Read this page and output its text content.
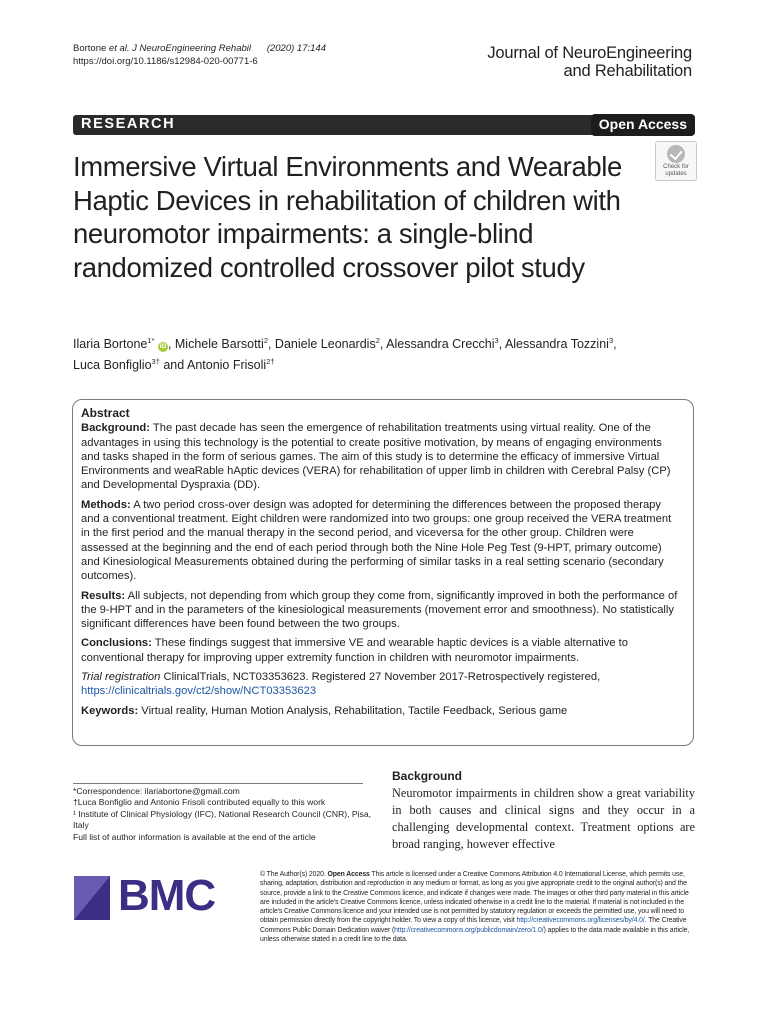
Bortone et al. J NeuroEngineering Rehabil (2020) 17:144
https://doi.org/10.1186/s12984-020-00771-6	Journal of NeuroEngineering
and Rehabilitation
RESEARCH	Open Access
Check for
updates
Immersive Virtual Environments and Wearable Haptic Devices in rehabilitation of children with neuromotor impairments: a single-blind randomized controlled crossover pilot study
Ilaria Bortone$^{1*}$ iD , Michele Barsotti$^2$, Daniele Leonardis$^2$, Alessandra Crecchi$^3$, Alessandra Tozzini$^3$,
Luca Bonfiglio$^{3\dagger}$ and Antonio Frisoli$^{2\dagger}$
Abstract

Background: The past decade has seen the emergence of rehabilitation treatments using virtual reality. One of the advantages in using this technology is the potential to create positive motivation, by means of engaging environments and tasks shaped in the form of serious games. The aim of this study is to determine the efficacy of immersive Virtual Environments and weaRable hAptic devices (VERA) for rehabilitation of upper limb in children with Cerebral Palsy (CP) and Developmental Dyspraxia (DD).

Methods: A two period cross-over design was adopted for determining the differences between the proposed therapy and a conventional treatment. Eight children were randomized into two groups: one group received the VERA treatment in the first period and the manual therapy in the second period, and viceversa for the other group. Children were assessed at the beginning and the end of each period through both the Nine Hole Peg Test (9-HPT, primary outcome) and Kinesiological Measurements obtained during the performing of similar tasks in a real setting scenario (secondary outcomes).

Results: All subjects, not depending from which group they come from, significantly improved in both the performance of the 9-HPT and in the parameters of the kinesiological measurements (movement error and smoothness). No statistically significant differences have been found between the two groups.

Conclusions: These findings suggest that immersive VE and wearable haptic devices is a viable alternative to conventional therapy for improving upper extremity function in children with neuromotor impairments.

Trial registration ClinicalTrials, NCT03353623. Registered 27 November 2017-Retrospectively registered, https://clinicaltrials.gov/ct2/show/NCT03353623

Keywords: Virtual reality, Human Motion Analysis, Rehabilitation, Tactile Feedback, Serious game

*Correspondence: ilariabortone@gmail.com
†Luca Bonfiglio and Antonio Frisoli contributed equally to this work
¹ Institute of Clinical Physiology (IFC), National Research Council (CNR), Pisa, Italy
Full list of author information is available at the end of the article
Background
Neuromotor impairments in children show a great variability in both causes and clinical signs and they occur in a challenging developmental context. Treatment options are broad ranging, however effective
BMC	© The Author(s) 2020. Open Access This article is licensed under a Creative Commons Attribution 4.0 International License, which permits use, sharing, adaptation, distribution and reproduction in any medium or format, as long as you give appropriate credit to the original author(s) and the source, provide a link to the Creative Commons licence, and indicate if changes were made. The images or other third party material in this article are included in the article's Creative Commons licence, unless indicated otherwise in a credit line to the material. If material is not included in the article's Creative Commons licence and your intended use is not permitted by statutory regulation or exceeds the permitted use, you will need to obtain permission directly from the copyright holder. To view a copy of this licence, visit http://creativecommons.org/licenses/by/4.0/. The Creative Commons Public Domain Dedication waiver (http://creativecommons.org/publicdomain/zero/1.0/) applies to the data made available in this article, unless otherwise stated in a credit line to the data.
